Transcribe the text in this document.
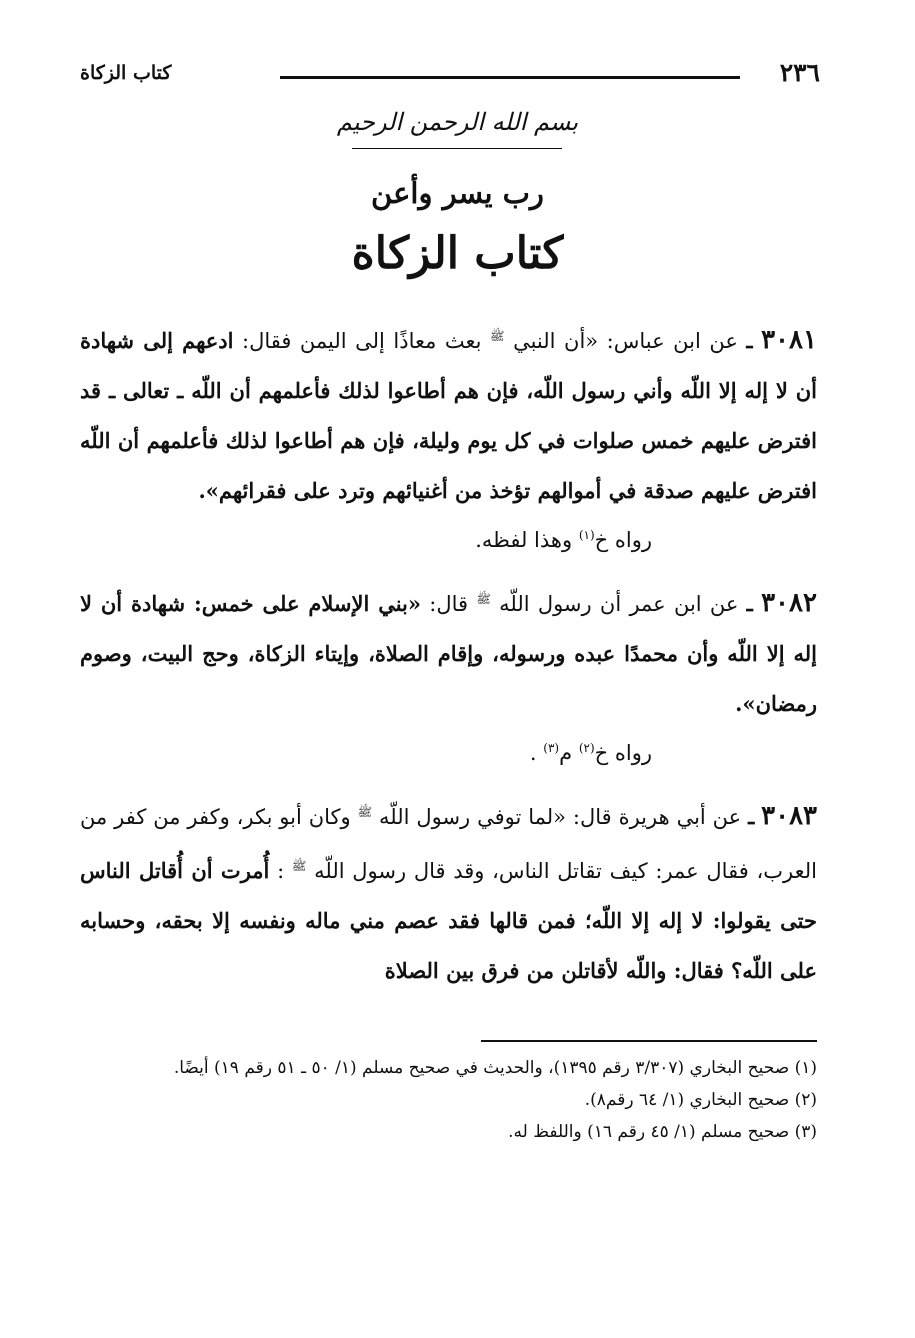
٢٣٦
كتاب الزكاة
بسم الله الرحمن الرحيم
رب يسر وأعن
كتاب الزكاة

٣٠٨١ ـ عن ابن عباس: «أن النبي $^ﷺ$ بعث معاذًا إلى اليمن فقال: ادعهم إلى شهادة أن لا إله إلا اللّه وأني رسول اللّه، فإن هم أطاعوا لذلك فأعلمهم أن اللّه ـ تعالى ـ قد افترض عليهم خمس صلوات في كل يوم وليلة، فإن هم أطاعوا لذلك فأعلمهم أن اللّه افترض عليهم صدقة في أموالهم تؤخذ من أغنيائهم وترد على فقرائهم».

رواه خ$^{(١)}$ وهذا لفظه.

٣٠٨٢ ـ عن ابن عمر أن رسول اللّه $^ﷺ$ قال: «بني الإسلام على خمس: شهادة أن لا إله إلا اللّه وأن محمدًا عبده ورسوله، وإقام الصلاة، وإيتاء الزكاة، وحج البيت، وصوم رمضان».

رواه خ$^{(٢)}$ م$^{(٣)}$ .

٣٠٨٣ ـ عن أبي هريرة قال: «لما توفي رسول اللّه $^ﷺ$ وكان أبو بكر، وكفر من كفر من العرب، فقال عمر: كيف تقاتل الناس، وقد قال رسول اللّه $^ﷺ$ : أُمرت أن أُقاتل الناس حتى يقولوا: لا إله إلا اللّه؛ فمن قالها فقد عصم مني ماله ونفسه إلا بحقه، وحسابه على اللّه؟ فقال: واللّه لأقاتلن من فرق بين الصلاة

(١) صحيح البخاري (٣/٣٠٧ رقم ١٣٩٥)، والحديث في صحيح مسلم (١/ ٥٠ ـ ٥١ رقم ١٩) أيضًا.

(٢) صحيح البخاري (١/ ٦٤ رقم٨).

(٣) صحيح مسلم (١/ ٤٥ رقم ١٦) واللفظ له.
